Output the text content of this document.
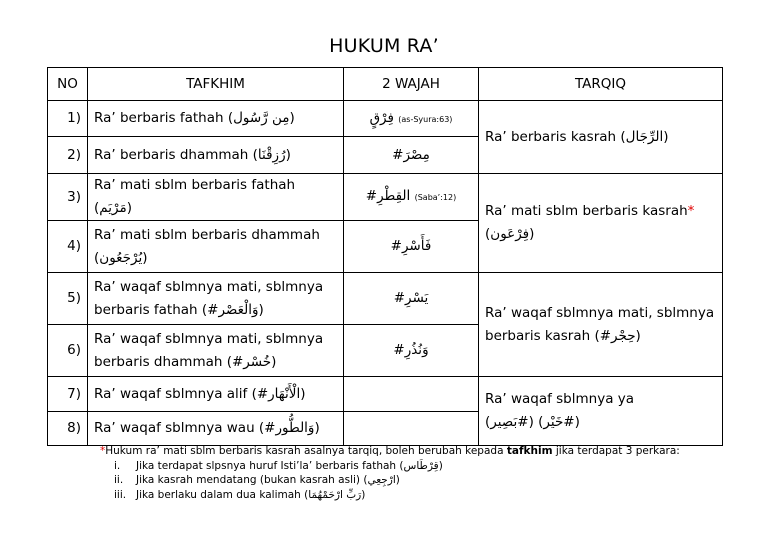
HUKUM RA’
NO	TAFKHIM	2 WAJAH	TARQIQ
1)	Ra’ berbaris fathah (مِن رَّسُول)	فِرْقٍ (as-Syura:63)	Ra’ berbaris kasrah (الرِّجَال)
2)	Ra’ berbaris dhammah (رُزِقْنَا)	مِصْرَ#	
3)	Ra’ mati sblm berbaris fathah (مَرْيَم)	القِطْرِ# (Saba’:12)	Ra’ mati sblm berbaris kasrah*
(فِرْعَون)
4)	Ra’ mati sblm berbaris dhammah
(يُرْجَعُون)	فَأَسْرِ#	
5)	Ra’ waqaf sblmnya mati, sblmnya
berbaris fathah (#وَالْعَصْر)	يَسْرِ#	Ra’ waqaf sblmnya mati, sblmnya
berbaris kasrah (#حِجْر)
6)	Ra’ waqaf sblmnya mati, sblmnya
berbaris dhammah (#خُسْر)	وَنُذُرِ#	
7)	Ra’ waqaf sblmnya alif (#الْأَنْهَار)		Ra’ waqaf sblmnya ya
(بَصِير#) (خَيْر#)
8)	Ra’ waqaf sblmnya wau (#وَالطُّور)		
*Hukum ra’ mati sblm berbaris kasrah asalnya tarqiq, boleh berubah kepada tafkhim jika terdapat 3 perkara:
i.	Jika terdapat slpsnya huruf Isti’la’ berbaris fathah ( قِرْطَاس )
ii.	Jika kasrah mendatang (bukan kasrah asli) ( ارْجِعِي )
iii. Jika berlaku dalam dua kalimah ( رَبِّ ارْحَمْهُمَا )
